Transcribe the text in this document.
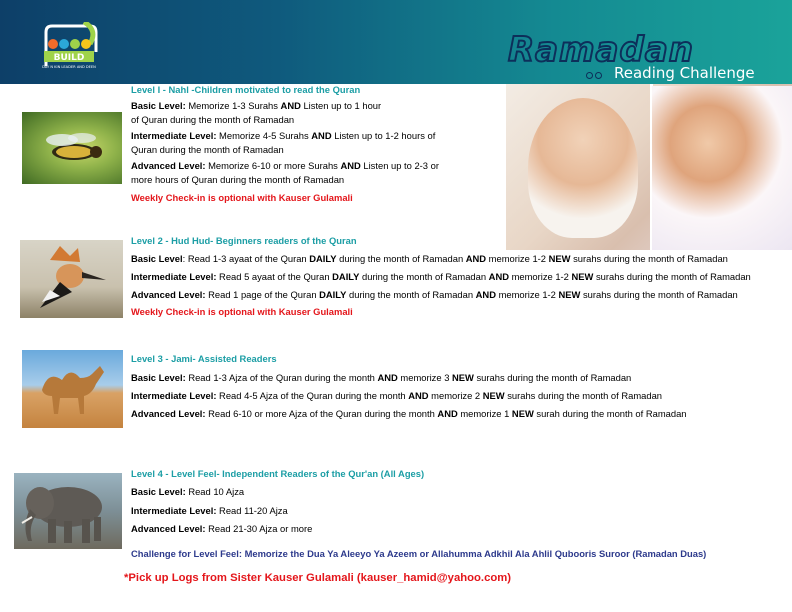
BUILD
DAY N KIN LEADER AND DEEN	Ramadan
Reading Challenge
Level I - Nahl -Children motivated to read the Quran
Basic Level: Memorize 1-3 Surahs AND Listen up to 1 hour
of Quran during the month of Ramadan
Intermediate Level: Memorize 4-5 Surahs AND Listen up to 1-2 hours of
Quran during the month of Ramadan
Advanced Level: Memorize 6-10 or more Surahs AND Listen up to 2-3 or
more hours of Quran during the month of Ramadan
Weekly Check-in is optional with Kauser Gulamali
Level 2 - Hud Hud- Beginners readers of the Quran
Basic Level: Read 1-3 ayaat of the Quran DAILY during the month of Ramadan AND memorize 1-2 NEW surahs during the month of Ramadan
Intermediate Level: Read 5 ayaat of the Quran DAILY during the month of Ramadan AND memorize 1-2 NEW surahs during the month of Ramadan
Advanced Level: Read 1 page of the Quran DAILY during the month of Ramadan AND memorize 1-2 NEW surahs during the month of Ramadan
Weekly Check-in is optional with Kauser Gulamali
Level 3 - Jami- Assisted Readers
Basic Level: Read 1-3 Ajza of the Quran during the month AND memorize 3 NEW surahs during the month of Ramadan
Intermediate Level: Read 4-5 Ajza of the Quran during the month AND memorize 2 NEW surahs during the month of Ramadan
Advanced Level: Read 6-10 or more Ajza of the Quran during the month AND memorize 1 NEW surah during the month of Ramadan
Level 4 - Level Feel- Independent Readers of the Qur'an (All Ages)
Basic Level: Read 10 Ajza
Intermediate Level: Read 11-20 Ajza
Advanced Level: Read 21-30 Ajza or more
Challenge for Level Feel: Memorize the Dua Ya Aleeyo Ya Azeem or Allahumma Adkhil Ala Ahlil Qubooris Suroor (Ramadan Duas)
*Pick up Logs from Sister Kauser Gulamali (kauser_hamid@yahoo.com)
